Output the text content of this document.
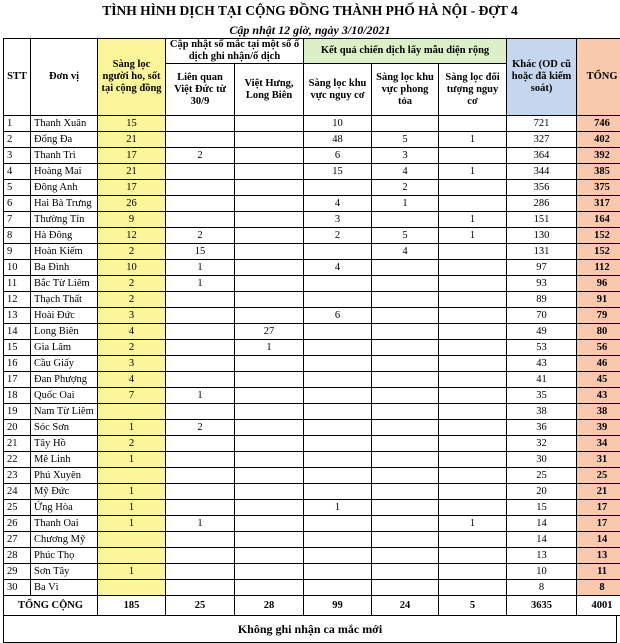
TÌNH HÌNH DỊCH TẠI CỘNG ĐỒNG THÀNH PHỐ HÀ NỘI - ĐỢT 4
Cập nhật 12 giờ, ngày 3/10/2021
STT	Đơn vị	Sàng lọc người ho, sốt tại cộng đồng	Cập nhật số mắc tại một số ổ dịch ghi nhận/ổ dịch		Kết quả chiến dịch lấy mẫu diện rộng			Khác (OD cũ hoặc đã kiểm soát)	TỔNG
			Liên quan Việt Đức từ 30/9	Việt Hưng, Long Biên	Sàng lọc khu vực nguy cơ	Sàng lọc khu vực phong tỏa	Sàng lọc đối tượng nguy cơ		
1	Thanh Xuân	15			10			721	746
2	Đống Đa	21			48	5	1	327	402
3	Thanh Trì	17	2		6	3		364	392
4	Hoàng Mai	21			15	4	1	344	385
5	Đông Anh	17				2		356	375
6	Hai Bà Trưng	26			4	1		286	317
7	Thường Tín	9			3		1	151	164
8	Hà Đông	12	2		2	5	1	130	152
9	Hoàn Kiếm	2	15			4		131	152
10	Ba Đình	10	1		4			97	112
11	Bắc Từ Liêm	2	1					93	96
12	Thạch Thất	2						89	91
13	Hoài Đức	3			6			70	79
14	Long Biên	4		27				49	80
15	Gia Lâm	2		1				53	56
16	Cầu Giấy	3						43	46
17	Đan Phượng	4						41	45
18	Quốc Oai	7	1					35	43
19	Nam Từ Liêm							38	38
20	Sóc Sơn	1	2					36	39
21	Tây Hồ	2						32	34
22	Mê Linh	1						30	31
23	Phú Xuyên							25	25
24	Mỹ Đức	1						20	21
25	Ứng Hòa	1			1			15	17
26	Thanh Oai	1	1				1	14	17
27	Chương Mỹ							14	14
28	Phúc Thọ							13	13
29	Sơn Tây	1						10	11
30	Ba Vì							8	8
TỔNG CỘNG		185	25	28	99	24	5	3635	4001
Không ghi nhận ca mắc mới
